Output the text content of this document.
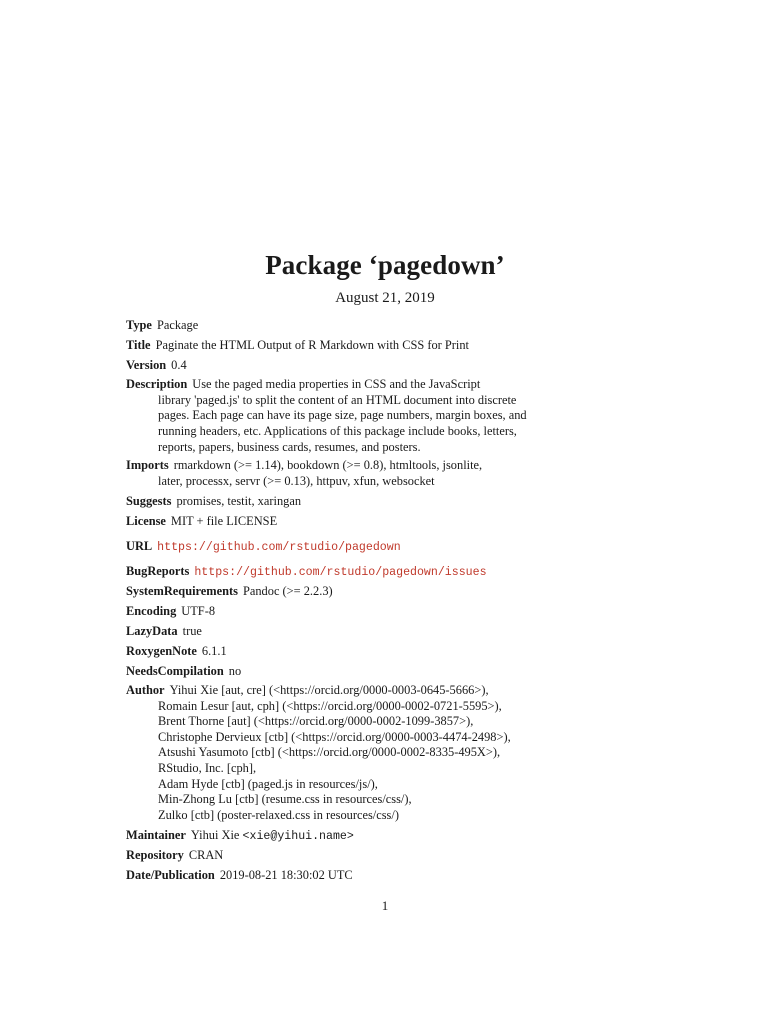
Package ‘pagedown’
August 21, 2019
Type Package
Title Paginate the HTML Output of R Markdown with CSS for Print
Version 0.4
Description Use the paged media properties in CSS and the JavaScript
library 'paged.js' to split the content of an HTML document into discrete
pages. Each page can have its page size, page numbers, margin boxes, and
running headers, etc. Applications of this package include books, letters,
reports, papers, business cards, resumes, and posters.
Imports rmarkdown (>= 1.14), bookdown (>= 0.8), htmltools, jsonlite,
later, processx, servr (>= 0.13), httpuv, xfun, websocket
Suggests promises, testit, xaringan
License MIT + file LICENSE
URL https://github.com/rstudio/pagedown
BugReports https://github.com/rstudio/pagedown/issues
SystemRequirements Pandoc (>= 2.2.3)
Encoding UTF-8
LazyData true
RoxygenNote 6.1.1
NeedsCompilation no
Author Yihui Xie [aut, cre] (<https://orcid.org/0000-0003-0645-5666>),
Romain Lesur [aut, cph] (<https://orcid.org/0000-0002-0721-5595>),
Brent Thorne [aut] (<https://orcid.org/0000-0002-1099-3857>),
Christophe Dervieux [ctb] (<https://orcid.org/0000-0003-4474-2498>),
Atsushi Yasumoto [ctb] (<https://orcid.org/0000-0002-8335-495X>),
RStudio, Inc. [cph],
Adam Hyde [ctb] (paged.js in resources/js/),
Min-Zhong Lu [ctb] (resume.css in resources/css/),
Zulko [ctb] (poster-relaxed.css in resources/css/)
Maintainer Yihui Xie <xie@yihui.name>
Repository CRAN
Date/Publication 2019-08-21 18:30:02 UTC
1
